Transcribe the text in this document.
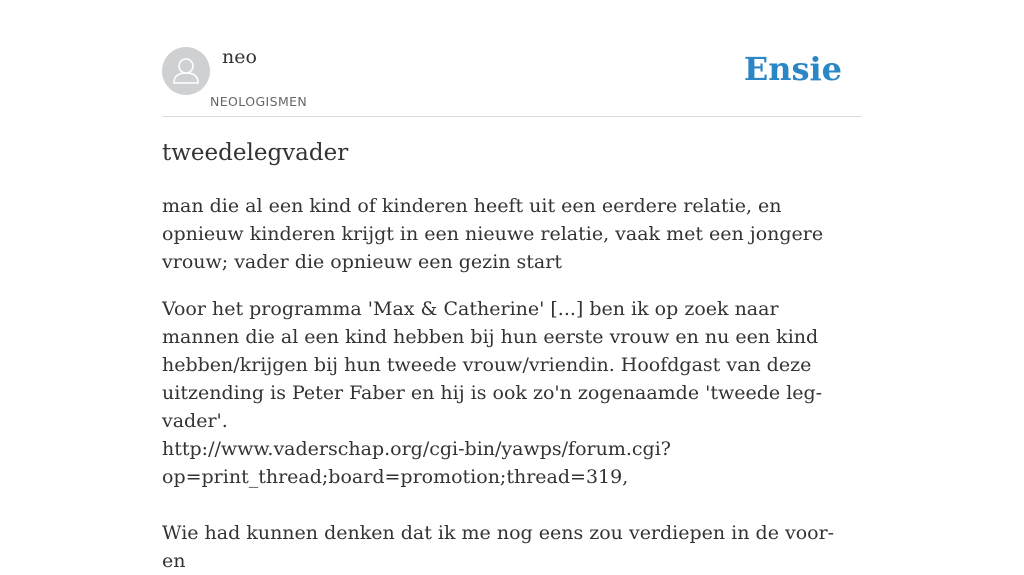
neo
NEOLOGISMEN
Ensie
tweedelegvader

man die al een kind of kinderen heeft uit een eerdere relatie, en opnieuw kinderen krijgt in een nieuwe relatie, vaak met een jongere vrouw; vader die opnieuw een gezin start

Voor het programma 'Max & Catherine' [...] ben ik op zoek naar mannen die al een kind hebben bij hun eerste vrouw en nu een kind hebben/krijgen bij hun tweede vrouw/vriendin. Hoofdgast van deze uitzending is Peter Faber en hij is ook zo'n zogenaamde 'tweede leg-vader'.
http://www.vaderschap.org/cgi-bin/yawps/forum.cgi?
op=print_thread;board=promotion;thread=319,
Wie had kunnen denken dat ik me nog eens zou verdiepen in de voor- en
